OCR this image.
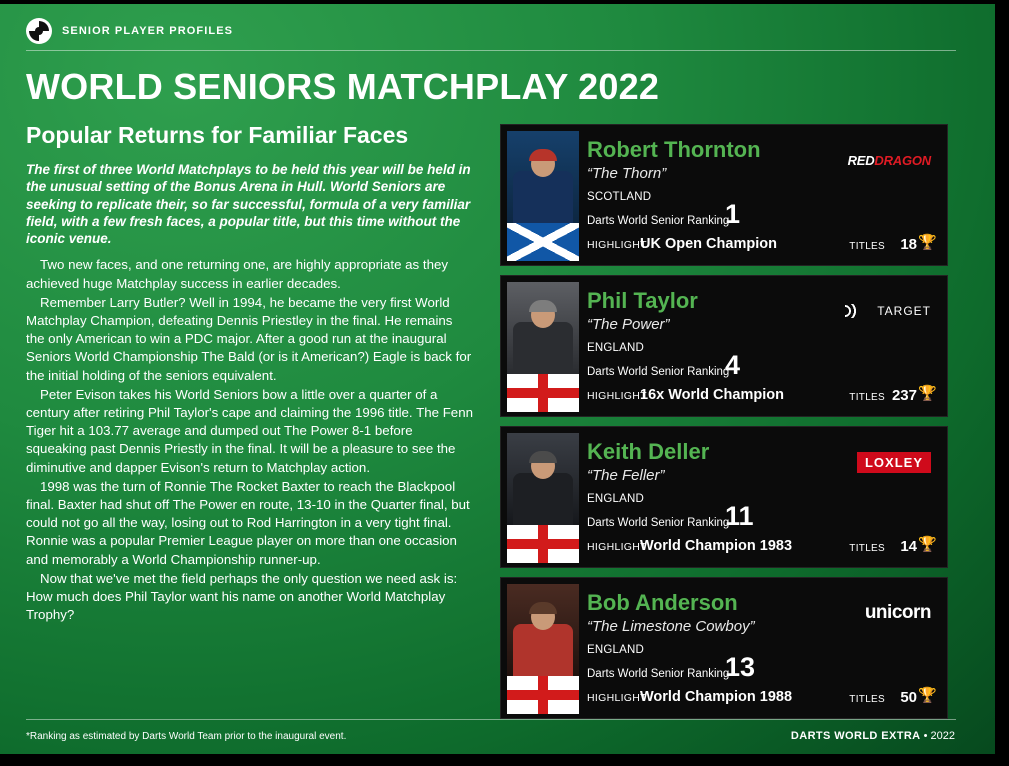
SENIOR PLAYER PROFILES
WORLD SENIORS MATCHPLAY 2022
Popular Returns for Familiar Faces
The first of three World Matchplays to be held this year will be held in the unusual setting of the Bonus Arena in Hull. World Seniors are seeking to replicate their, so far successful, formula of a very familiar field, with a few fresh faces, a popular title, but this time without the iconic venue.

Two new faces, and one returning one, are highly appropriate as they achieved huge Matchplay success in earlier decades.

Remember Larry Butler? Well in 1994, he became the very first World Matchplay Champion, defeating Dennis Priestley in the final. He remains the only American to win a PDC major. After a good run at the inaugural Seniors World Championship The Bald (or is it American?) Eagle is back for the initial holding of the seniors equivalent.

Peter Evison takes his World Seniors bow a little over a quarter of a century after retiring Phil Taylor's cape and claiming the 1996 title. The Fenn Tiger hit a 103.77 average and dumped out The Power 8-1 before squeaking past Dennis Priestly in the final. It will be a pleasure to see the diminutive and dapper Evison's return to Matchplay action.

1998 was the turn of Ronnie The Rocket Baxter to reach the Blackpool final. Baxter had shut off The Power en route, 13-10 in the Quarter final, but could not go all the way, losing out to Rod Harrington in a very tight final. Ronnie was a popular Premier League player on more than one occasion and memorably a World Championship runner-up.

Now that we've met the field perhaps the only question we need ask is: How much does Phil Taylor want his name on another World Matchplay Trophy?

Robert Thornton
“The Thorn”
SCOTLAND
Darts World Senior Ranking
1
HIGHLIGHT
UK Open Champion	TITLES 18 🏆
REDDRAGON
Phil Taylor
“The Power”
ENGLAND
Darts World Senior Ranking
4
HIGHLIGHT
16x World Champion	TITLES 237 🏆
TARGET
Keith Deller
“The Feller”
ENGLAND
Darts World Senior Ranking
11
HIGHLIGHT
World Champion 1983	TITLES 14 🏆
LOXLEY
Bob Anderson
“The Limestone Cowboy”
ENGLAND
Darts World Senior Ranking
13
HIGHLIGHT
World Champion 1988	TITLES 50 🏆
unicorn
*Ranking as estimated by Darts World Team prior to the inaugural event.	DARTS WORLD EXTRA • 2022
